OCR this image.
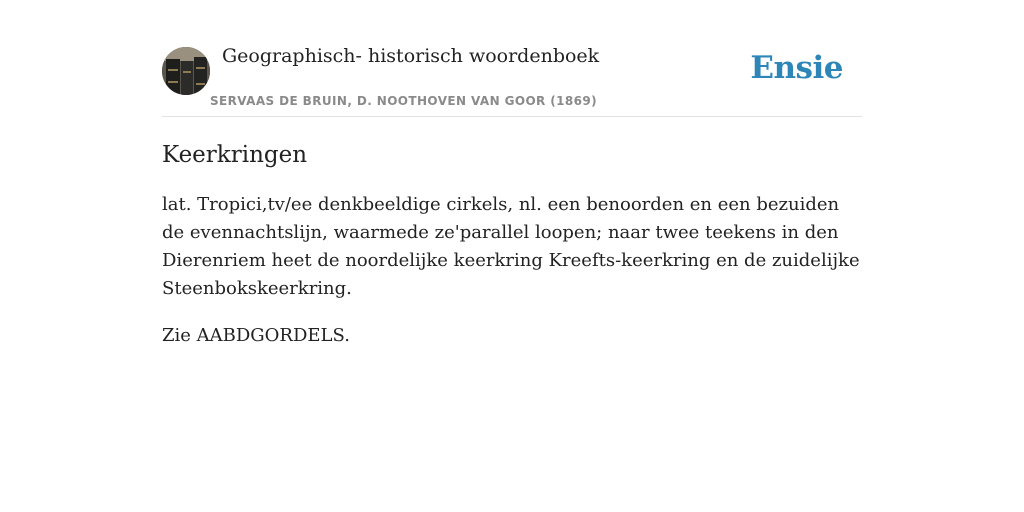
Geographisch- historisch woordenboek
SERVAAS DE BRUIN, D. NOOTHOVEN VAN GOOR (1869)
Ensie
Keerkringen

lat. Tropici,tv/ee denkbeeldige cirkels, nl. een benoorden en een bezuiden de evennachtslijn, waarmede ze'parallel loopen; naar twee teekens in den Dierenriem heet de noordelijke keerkring Kreefts-keerkring en de zuidelijke Steenbokskeerkring.

Zie AABDGORDELS.
